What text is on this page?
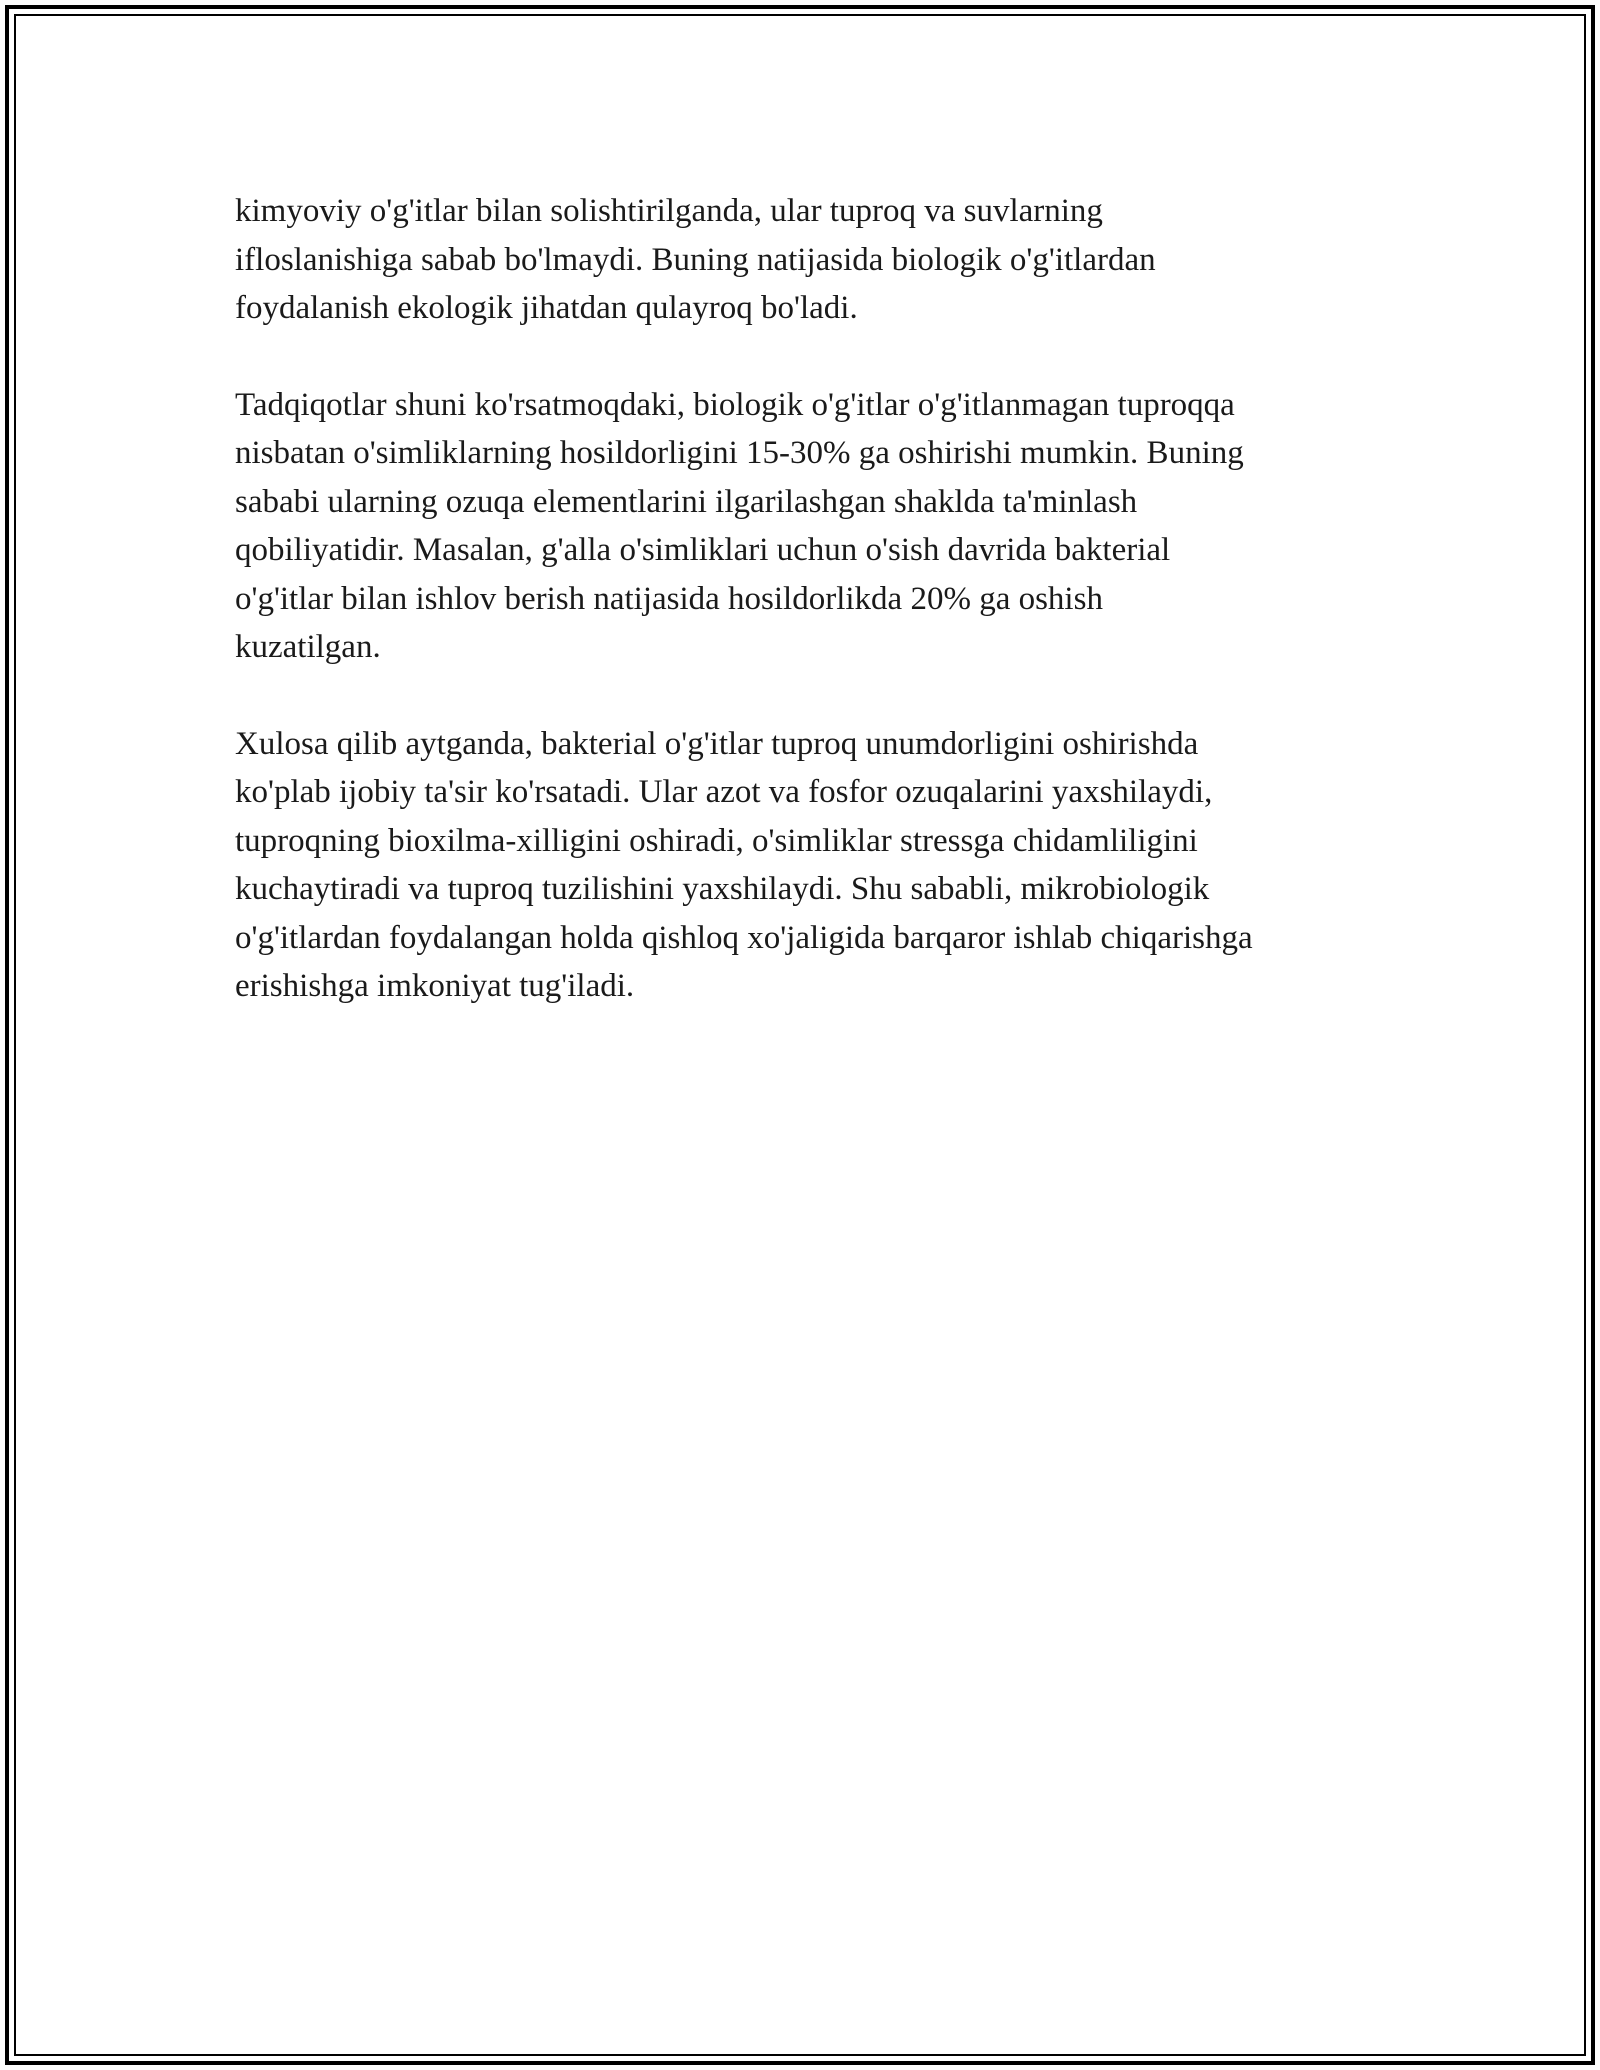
kimyoviy o'g'itlar bilan solishtirilganda, ular tuproq va suvlarning
ifloslanishiga sabab bo'lmaydi. Buning natijasida biologik o'g'itlardan
foydalanish ekologik jihatdan qulayroq bo'ladi.

Tadqiqotlar shuni ko'rsatmoqdaki, biologik o'g'itlar o'g'itlanmagan tuproqqa
nisbatan o'simliklarning hosildorligini 15-30% ga oshirishi mumkin. Buning
sababi ularning ozuqa elementlarini ilgarilashgan shaklda ta'minlash
qobiliyatidir. Masalan, g'alla o'simliklari uchun o'sish davrida bakterial
o'g'itlar bilan ishlov berish natijasida hosildorlikda 20% ga oshish
kuzatilgan.

Xulosa qilib aytganda, bakterial o'g'itlar tuproq unumdorligini oshirishda
ko'plab ijobiy ta'sir ko'rsatadi. Ular azot va fosfor ozuqalarini yaxshilaydi,
tuproqning bioxilma-xilligini oshiradi, o'simliklar stressga chidamliligini
kuchaytiradi va tuproq tuzilishini yaxshilaydi. Shu sababli, mikrobiologik
o'g'itlardan foydalangan holda qishloq xo'jaligida barqaror ishlab chiqarishga
erishishga imkoniyat tug'iladi.
